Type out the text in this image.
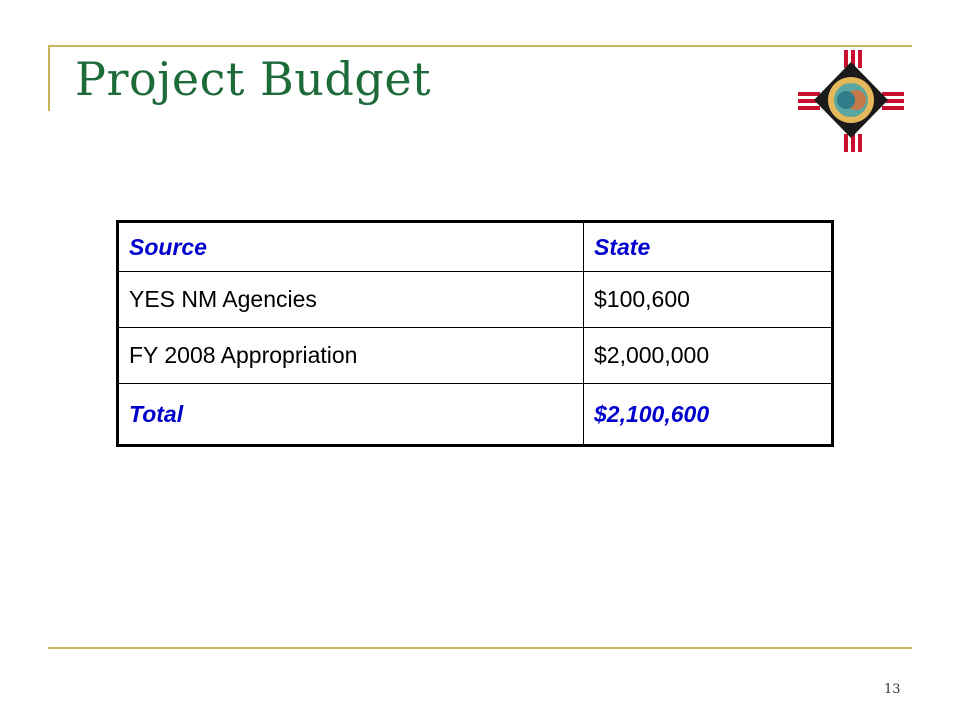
Project Budget
Source	State
YES NM Agencies	$100,600
FY 2008 Appropriation	$2,000,000
Total	$2,100,600
13
